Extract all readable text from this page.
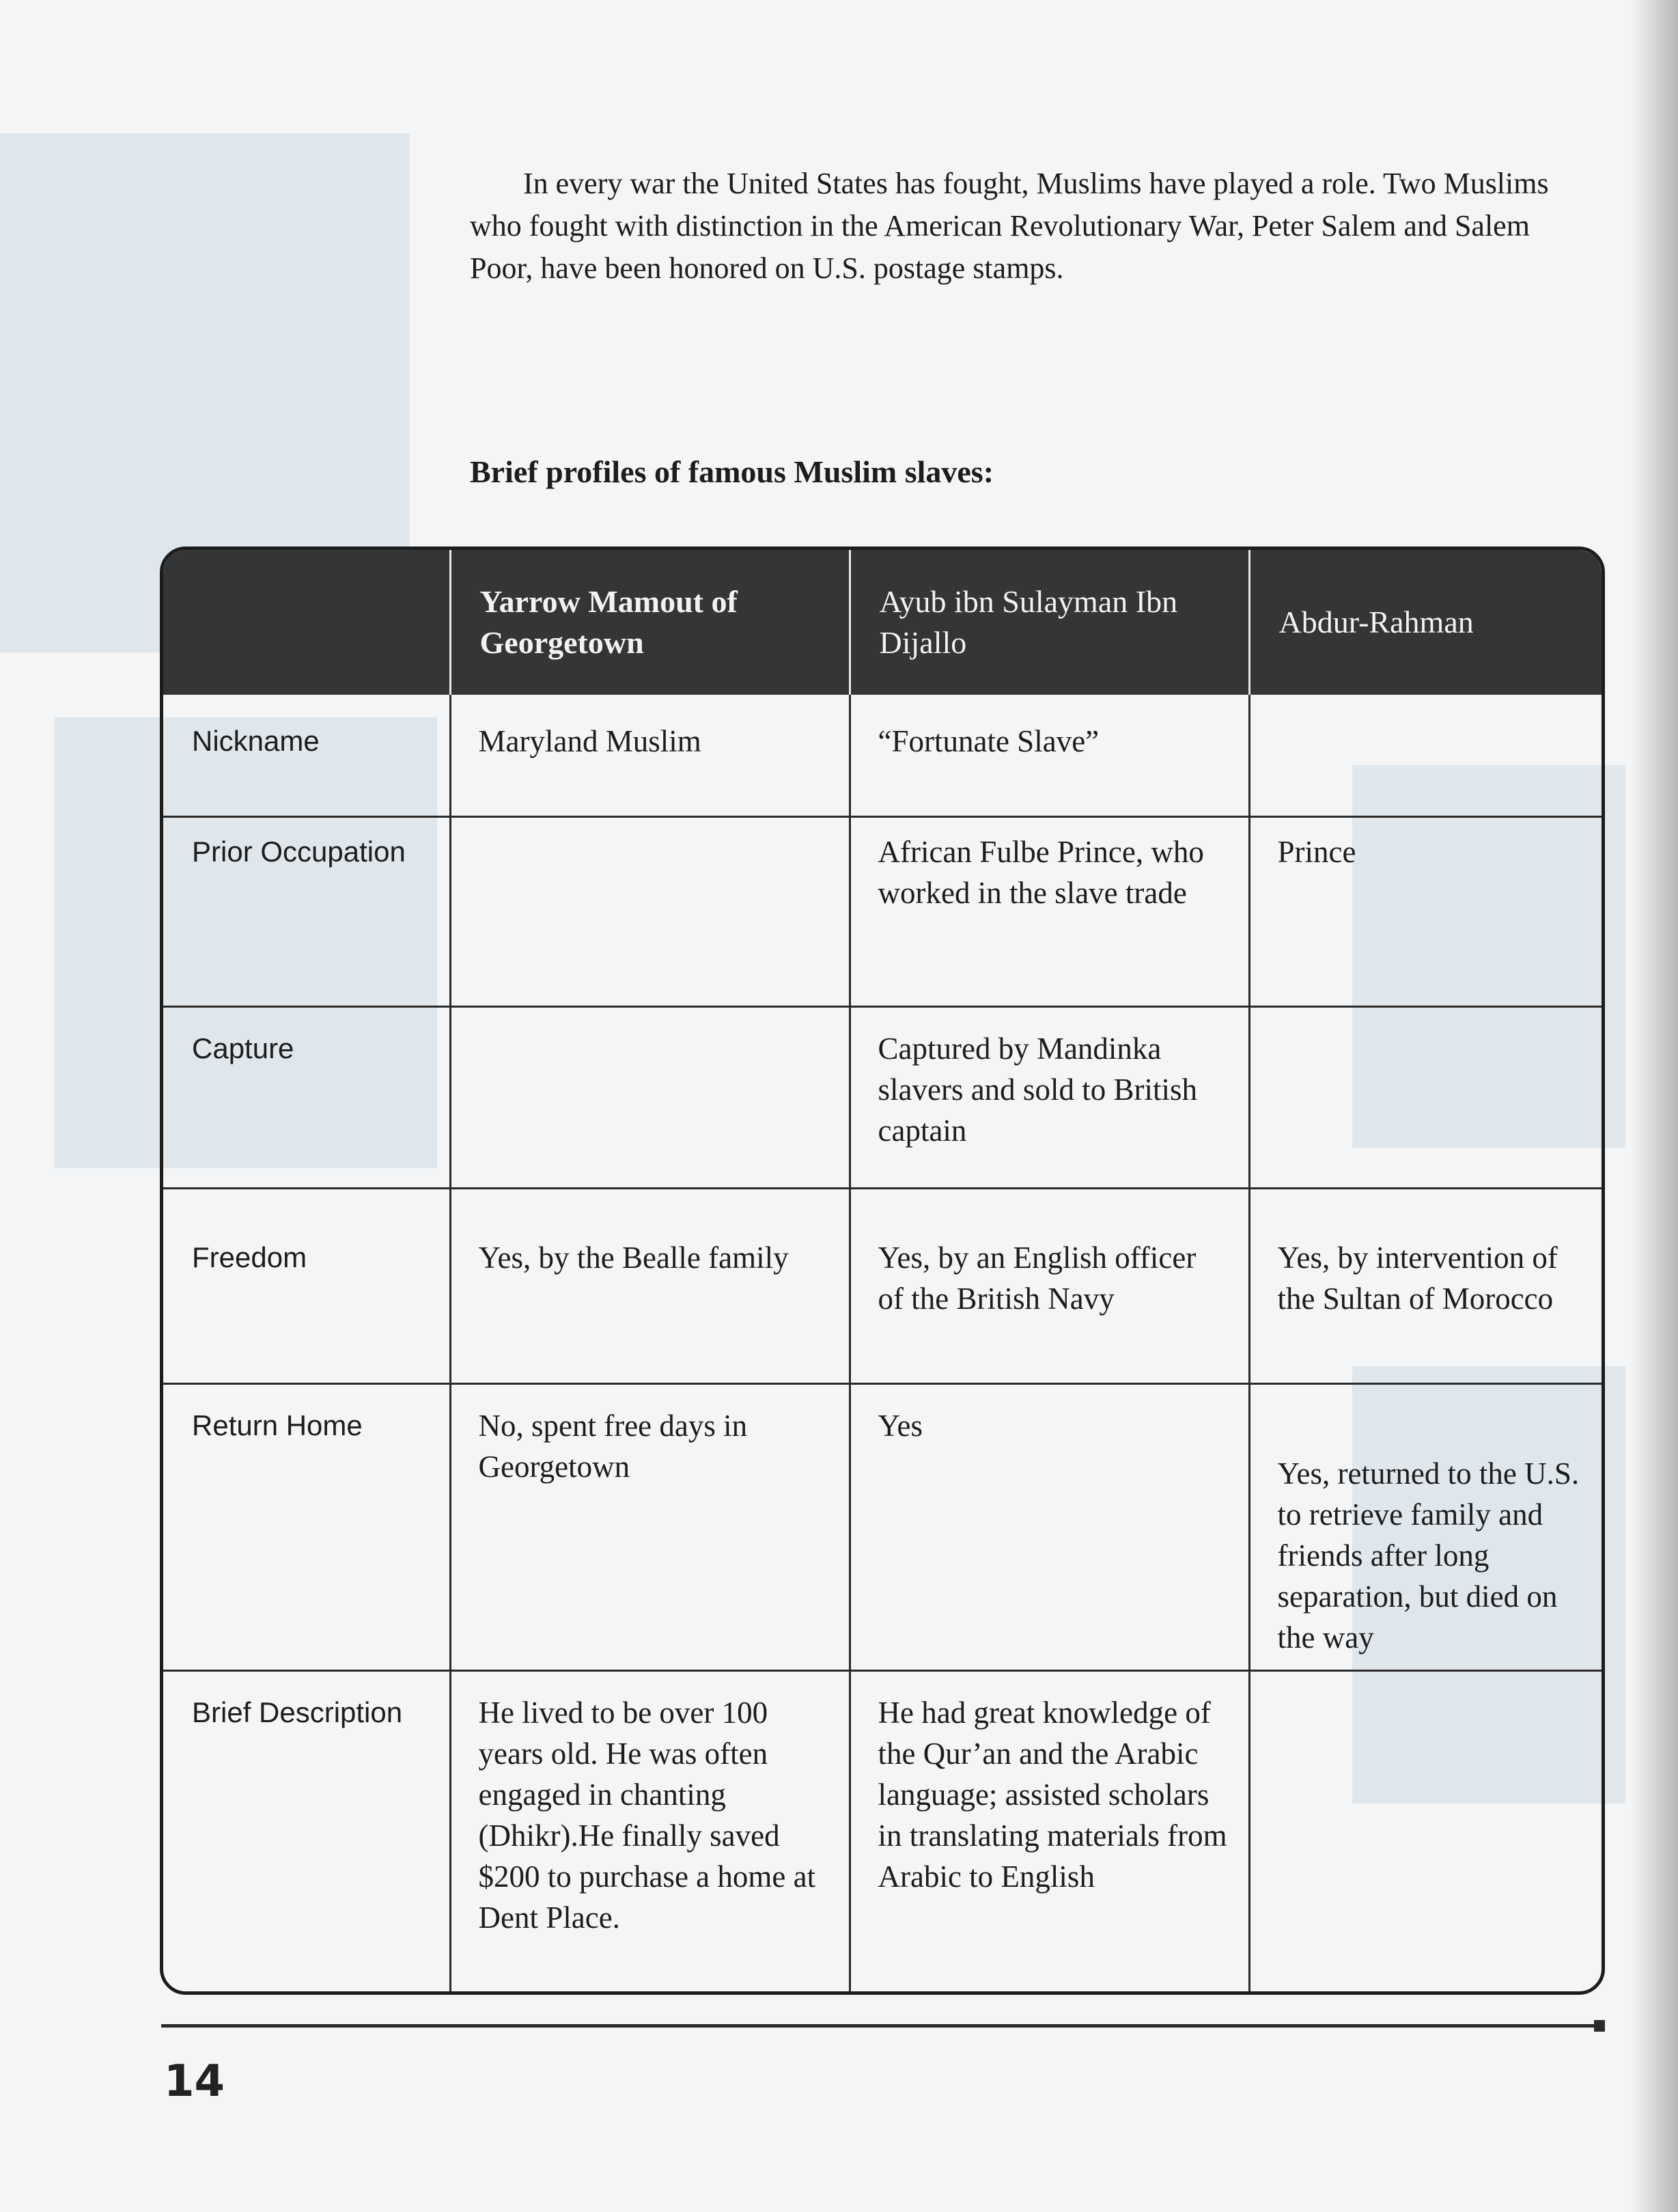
In every war the United States has fought, Muslims have played a role. Two Muslims who fought with distinction in the American Revolutionary War, Peter Salem and Salem Poor, have been honored on U.S. postage stamps.

Brief profiles of famous Muslim slaves:

	Yarrow Mamout of Georgetown	Ayub ibn Sulayman Ibn Dijallo	Abdur-Rahman
Nickname	Maryland Muslim	“Fortunate Slave”	
Prior Occupation		African Fulbe Prince, who worked in the slave trade	Prince
Capture		Captured by Mandinka slavers and sold to British captain	
Freedom	Yes, by the Bealle family	Yes, by an English officer of the British Navy	Yes, by intervention of the Sultan of Morocco
Return Home	No, spent free days in Georgetown	Yes	Yes, returned to the U.S. to retrieve family and friends after long separation, but died on the way
Brief Description	He lived to be over 100 years old. He was often engaged in chanting (Dhikr).He finally saved $200 to purchase a home at Dent Place.	He had great knowledge of the Qur’an and the Arabic language; assisted scholars in translating materials from Arabic to English	
14
